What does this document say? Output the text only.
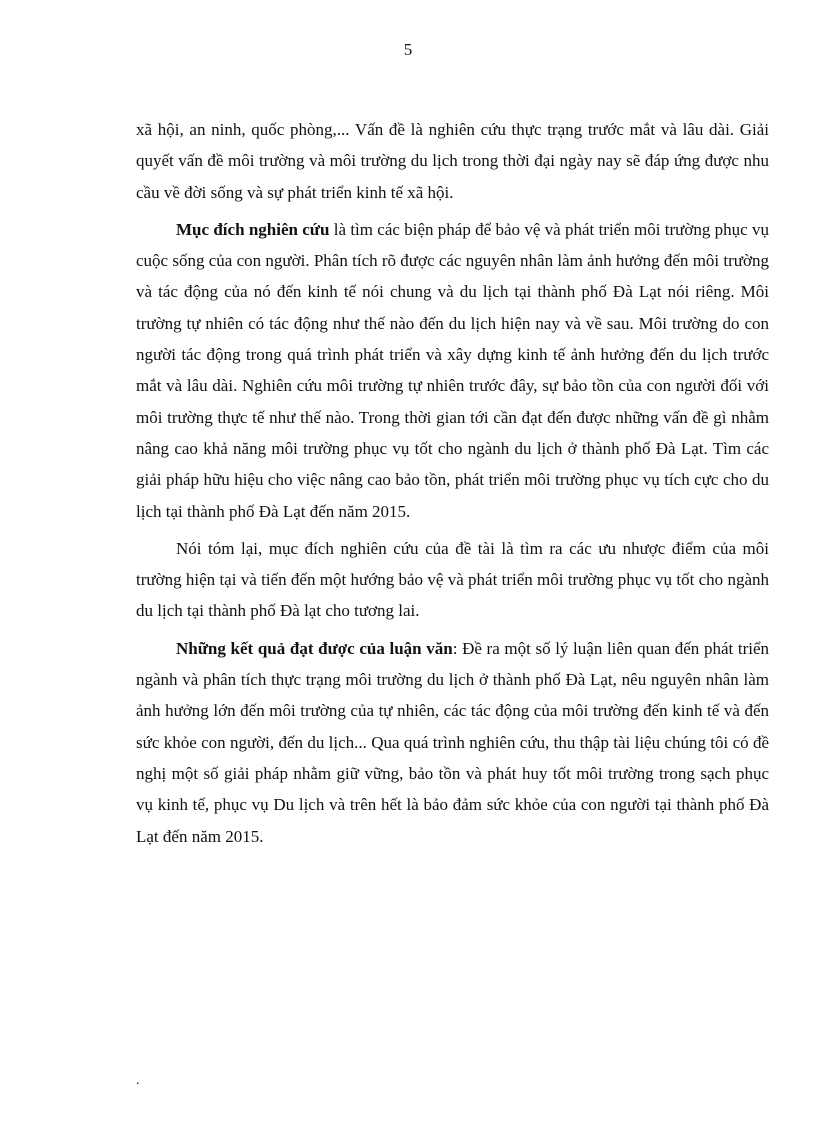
5

xã hội, an ninh, quốc phòng,... Vấn đề là nghiên cứu thực trạng trước mắt và lâu dài. Giải quyết vấn đề môi trường và môi trường du lịch trong thời đại ngày nay sẽ đáp ứng được nhu cầu về đời sống và sự phát triển kinh tế xã hội.

Mục đích nghiên cứu là tìm các biện pháp để bảo vệ và phát triển môi trường phục vụ cuộc sống của con người. Phân tích rõ được các nguyên nhân làm ảnh hưởng đến môi trường và tác động của nó đến kinh tế nói chung và du lịch tại thành phố Đà Lạt nói riêng. Môi trường tự nhiên có tác động như thế nào đến du lịch hiện nay và về sau. Môi trường do con người tác động trong quá trình phát triển và xây dựng kinh tế ảnh hưởng đến du lịch trước mắt và lâu dài. Nghiên cứu môi trường tự nhiên trước đây, sự bảo tồn của con người đối với môi trường thực tế như thế nào. Trong thời gian tới cần đạt đến được những vấn đề gì nhằm nâng cao khả năng môi trường phục vụ tốt cho ngành du lịch ở thành phố Đà Lạt. Tìm các giải pháp hữu hiệu cho việc nâng cao bảo tồn, phát triển môi trường phục vụ tích cực cho du lịch tại thành phố Đà Lạt đến năm 2015.

Nói tóm lại, mục đích nghiên cứu của đề tài là tìm ra các ưu nhược điểm của môi trường hiện tại và tiến đến một hướng bảo vệ và phát triển môi trường phục vụ tốt cho ngành du lịch tại thành phố Đà lạt cho tương lai.

Những kết quả đạt được của luận văn: Đề ra một số lý luận liên quan đến phát triển ngành và phân tích thực trạng môi trường du lịch ở thành phố Đà Lạt, nêu nguyên nhân làm ảnh hưởng lớn đến môi trường của tự nhiên, các tác động của môi trường đến kinh tế và đến sức khỏe con người, đến du lịch... Qua quá trình nghiên cứu, thu thập tài liệu chúng tôi có đề nghị một số giải pháp nhằm giữ vững, bảo tồn và phát huy tốt môi trường trong sạch phục vụ kinh tế, phục vụ Du lịch và trên hết là bảo đảm sức khỏe của con người tại thành phố Đà Lạt đến năm 2015.

.
